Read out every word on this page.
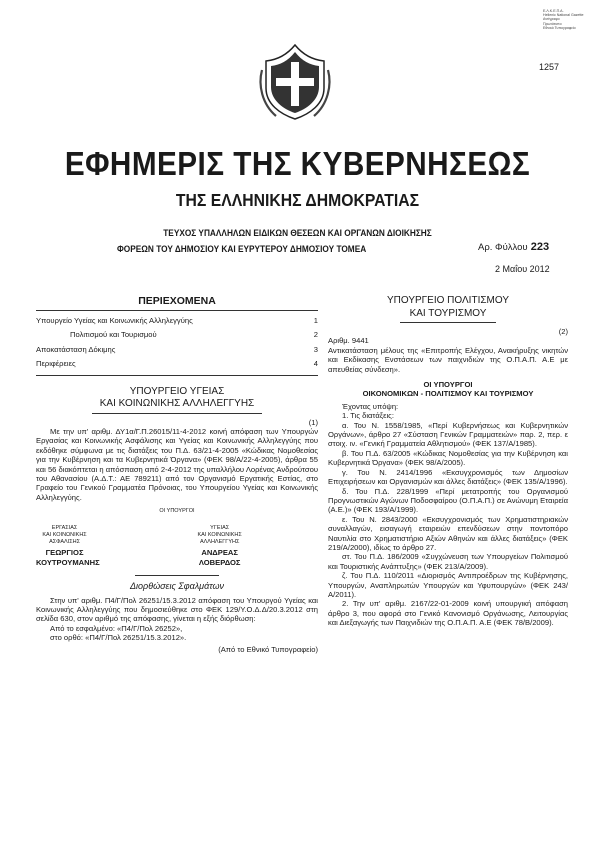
Ε.Λ.Κ.Ε.Π.Α.
Hellenic National Gazette
Αντίγραφο
Πρωτότυπο
Εθνικό Τυπογραφείο
1257
ΕΦΗΜΕΡΙΣ ΤΗΣ ΚΥΒΕΡΝΗΣΕΩΣ
ΤΗΣ ΕΛΛΗΝΙΚΗΣ ΔΗΜΟΚΡΑΤΙΑΣ
ΤΕΥΧΟΣ ΥΠΑΛΛΗΛΩΝ ΕΙΔΙΚΩΝ ΘΕΣΕΩΝ ΚΑΙ ΟΡΓΑΝΩΝ ΔΙΟΙΚΗΣΗΣ
ΦΟΡΕΩΝ ΤΟΥ ΔΗΜΟΣΙΟΥ ΚΑΙ ΕΥΡΥΤΕΡΟΥ ΔΗΜΟΣΙΟΥ ΤΟΜΕΑ	Αρ. Φύλλου 223
2 Μαΐου 2012
ΠΕΡΙΕΧΟΜΕΝΑ
Υπουργείο Υγείας και Κοινωνικής Αλληλεγγύης	1
Πολιτισμού και Τουρισμού	2
Αποκατάσταση Δόκιμης	3
Περιφέρειες	4
ΥΠΟΥΡΓΕΙΟ ΥΓΕΙΑΣ
ΚΑΙ ΚΟΙΝΩΝΙΚΗΣ ΑΛΛΗΛΕΓΓΥΗΣ
(1)

Με την υπ' αριθμ. ΔΥ1α/Γ.Π.26015/11-4-2012 κοινή απόφαση των Υπουργών Εργασίας και Κοινωνικής Ασφάλισης και Υγείας και Κοινωνικής Αλληλεγγύης που εκδόθηκε σύμφωνα με τις διατάξεις του Π.Δ. 63/21-4-2005 «Κώδικας Νομοθεσίας για την Κυβέρνηση και τα Κυβερνητικά Όργανα» (ΦΕΚ 98/Α/22-4-2005), άρθρα 55 και 56 διακόπτεται η απόσπαση από 2-4-2012 της υπαλλήλου Λορένας Ανδρούτσου του Αθανασίου (Α.Δ.Τ.: ΑΕ 789211) από τον Οργανισμό Εργατικής Εστίας, στο Γραφείο του Γενικού Γραμματέα Πρόνοιας, του Υπουργείου Υγείας και Κοινωνικής Αλληλεγγύης.

ΟΙ ΥΠΟΥΡΓΟΙ
ΕΡΓΑΣΙΑΣ
ΚΑΙ ΚΟΙΝΩΝΙΚΗΣ ΑΣΦΑΛΙΣΗΣ
ΓΕΩΡΓΙΟΣ ΚΟΥΤΡΟΥΜΑΝΗΣ
ΥΓΕΙΑΣ
ΚΑΙ ΚΟΙΝΩΝΙΚΗΣ ΑΛΛΗΛΕΓΓΥΗΣ
ΑΝΔΡΕΑΣ ΛΟΒΕΡΔΟΣ
Διορθώσεις Σφαλμάτων

Στην υπ' αριθμ. Π4/Γ/Πολ 26251/15.3.2012 απόφαση του Υπουργού Υγείας και Κοινωνικής Αλληλεγγύης που δημοσιεύθηκε στο ΦΕΚ 129/Υ.Ο.Δ.Δ/20.3.2012 στη σελίδα 630, στον αριθμό της απόφασης, γίνεται η εξής διόρθωση:

Από το εσφαλμένο: «Π4/Γ/Πολ 26252»,

στο ορθό: «Π4/Γ/Πολ 26251/15.3.2012».

(Από το Εθνικό Τυπογραφείο)
ΥΠΟΥΡΓΕΙΟ ΠΟΛΙΤΙΣΜΟΥ
ΚΑΙ ΤΟΥΡΙΣΜΟΥ
(2)

Αριθμ. 9441

Αντικατάσταση μέλους της «Επιτροπής Ελέγχου, Ανακήρυξης νικητών και Εκδίκασης Ενστάσεων των παιχνιδιών της Ο.Π.Α.Π. Α.Ε με απευθείας σύνδεση».

ΟΙ ΥΠΟΥΡΓΟΙ
ΟΙΚΟΝΟΜΙΚΩΝ - ΠΟΛΙΤΙΣΜΟΥ ΚΑΙ ΤΟΥΡΙΣΜΟΥ

Έχοντας υπόψη:

1. Τις διατάξεις:

α. Του Ν. 1558/1985, «Περί Κυβερνήσεως και Κυβερνητικών Οργάνων», άρθρο 27 «Σύσταση Γενικών Γραμματειών» παρ. 2, περ. ε στοιχ. ιν. «Γενική Γραμματεία Αθλητισμού» (ΦΕΚ 137/Α/1985).

β. Του Π.Δ. 63/2005 «Κώδικας Νομοθεσίας για την Κυβέρνηση και Κυβερνητικά Όργανα» (ΦΕΚ 98/Α/2005).

γ. Του Ν. 2414/1996 «Εκσυγχρονισμός των Δημοσίων Επιχειρήσεων και Οργανισμών και άλλες διατάξεις» (ΦΕΚ 135/Α/1996).

δ. Του Π.Δ. 228/1999 «Περί μετατροπής του Οργανισμού Προγνωστικών Αγώνων Ποδοσφαίρου (Ο.Π.Α.Π.) σε Ανώνυμη Εταιρεία (Α.Ε.)» (ΦΕΚ 193/Α/1999).

ε. Του Ν. 2843/2000 «Εκσυγχρονισμός των Χρηματιστηριακών συναλλαγών, εισαγωγή εταιρειών επενδύσεων στην ποντοπόρο Ναυτιλία στο Χρηματιστήριο Αξιών Αθηνών και άλλες διατάξεις» (ΦΕΚ 219/Α/2000), ιδίως το άρθρο 27.

στ. Του Π.Δ. 186/2009 «Συγχώνευση των Υπουργείων Πολιτισμού και Τουριστικής Ανάπτυξης» (ΦΕΚ 213/Α/2009).

ζ. Του Π.Δ. 110/2011 «Διορισμός Αντιπροέδρων της Κυβέρνησης, Υπουργών, Αναπληρωτών Υπουργών και Υφυπουργών» (ΦΕΚ 243/Α/2011).

2. Την υπ' αριθμ. 2167/22-01-2009 κοινή υπουργική απόφαση άρθρο 3, που αφορά στο Γενικό Κανονισμό Οργάνωσης, Λειτουργίας και Διεξαγωγής των Παιχνιδιών της Ο.Π.Α.Π. Α.Ε (ΦΕΚ 78/Β/2009).
